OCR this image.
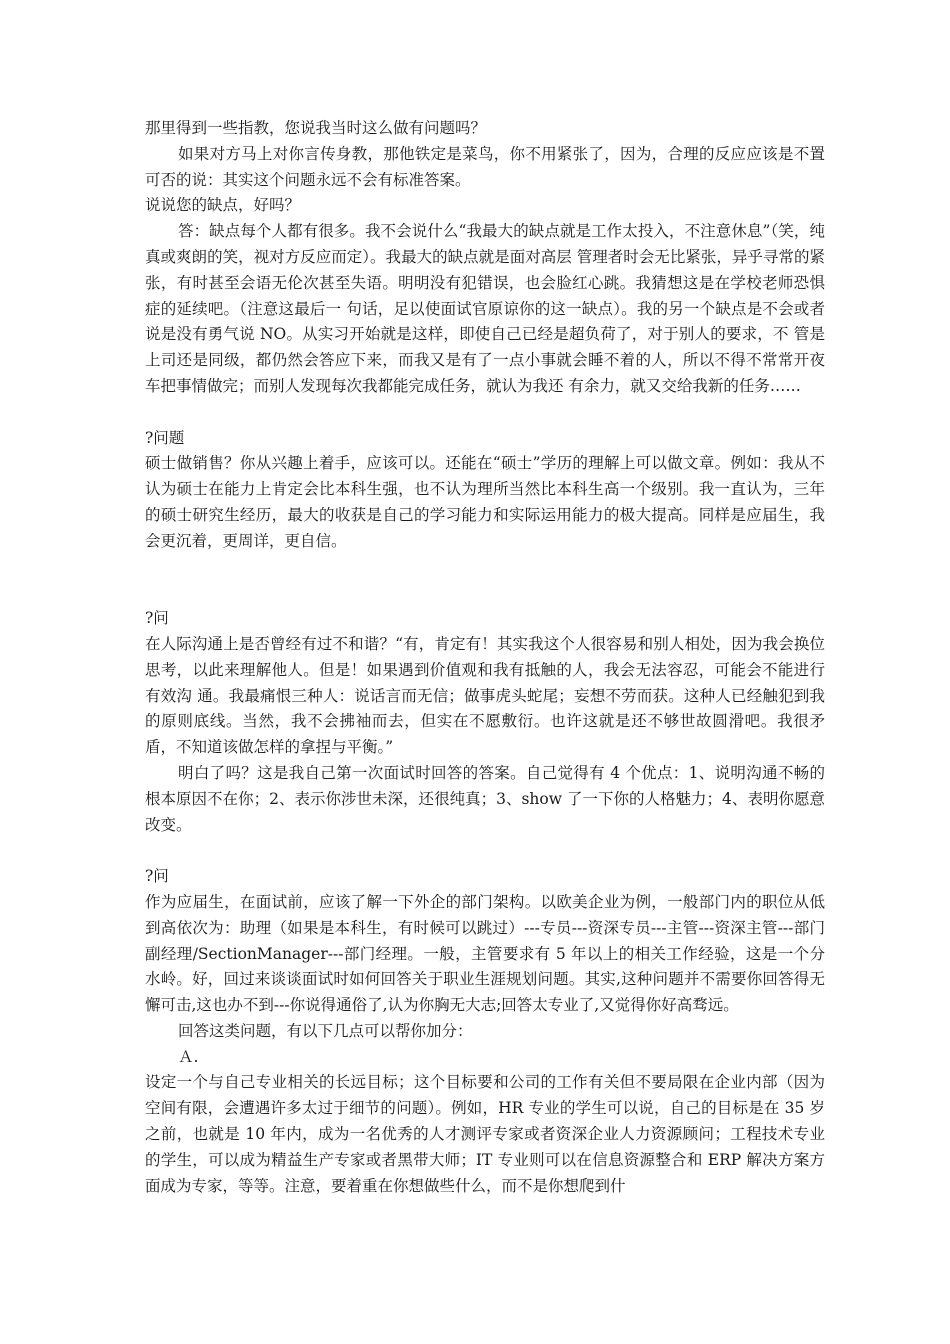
那里得到一些指教，您说我当时这么做有问题吗？

如果对方马上对你言传身教，那他铁定是菜鸟，你不用紧张了，因为，合理的反应应该是不置可否的说：其实这个问题永远不会有标准答案。

说说您的缺点，好吗？

答：缺点每个人都有很多。我不会说什么“我最大的缺点就是工作太投入，不注意休息”（笑，纯真或爽朗的笑，视对方反应而定）。我最大的缺点就是面对高层 管理者时会无比紧张，异乎寻常的紧张，有时甚至会语无伦次甚至失语。明明没有犯错误，也会脸红心跳。我猜想这是在学校老师恐惧症的延续吧。（注意这最后一 句话，足以使面试官原谅你的这一缺点）。我的另一个缺点是不会或者说是没有勇气说 NO。从实习开始就是这样，即使自己已经是超负荷了，对于别人的要求，不 管是上司还是同级，都仍然会答应下来，而我又是有了一点小事就会睡不着的人，所以不得不常常开夜车把事情做完；而别人发现每次我都能完成任务，就认为我还 有余力，就又交给我新的任务……

?问题

硕士做销售？你从兴趣上着手，应该可以。还能在“硕士”学历的理解上可以做文章。例如：我从不认为硕士在能力上肯定会比本科生强，也不认为理所当然比本科生高一个级别。我一直认为，三年的硕士研究生经历，最大的收获是自己的学习能力和实际运用能力的极大提高。同样是应届生，我会更沉着，更周详，更自信。

?问

在人际沟通上是否曾经有过不和谐？“有，肯定有！其实我这个人很容易和别人相处，因为我会换位思考，以此来理解他人。但是！如果遇到价值观和我有抵触的人，我会无法容忍，可能会不能进行有效沟 通。我最痛恨三种人：说话言而无信；做事虎头蛇尾；妄想不劳而获。这种人已经触犯到我的原则底线。当然，我不会拂袖而去，但实在不愿敷衍。也许这就是还不够世故圆滑吧。我很矛盾，不知道该做怎样的拿捏与平衡。”

明白了吗？这是我自己第一次面试时回答的答案。自己觉得有 4 个优点：1、说明沟通不畅的根本原因不在你；2、表示你涉世未深，还很纯真；3、show 了一下你的人格魅力；4、表明你愿意改变。

?问

作为应届生，在面试前，应该了解一下外企的部门架构。以欧美企业为例，一般部门内的职位从低到高依次为：助理（如果是本科生，有时候可以跳过）---专员---资深专员---主管---资深主管---部门副经理/SectionManager---部门经理。一般，主管要求有 5 年以上的相关工作经验，这是一个分水岭。好，回过来谈谈面试时如何回答关于职业生涯规划问题。其实,这种问题并不需要你回答得无懈可击,这也办不到---你说得通俗了,认为你胸无大志;回答太专业了,又觉得你好高骛远。

回答这类问题，有以下几点可以帮你加分：

Ａ.

设定一个与自己专业相关的长远目标；这个目标要和公司的工作有关但不要局限在企业内部（因为空间有限，会遭遇许多太过于细节的问题）。例如，HR 专业的学生可以说，自己的目标是在 35 岁之前，也就是 10 年内，成为一名优秀的人才测评专家或者资深企业人力资源顾问；工程技术专业的学生，可以成为精益生产专家或者黑带大师；IT 专业则可以在信息资源整合和 ERP 解决方案方面成为专家，等等。注意，要着重在你想做些什么，而不是你想爬到什
